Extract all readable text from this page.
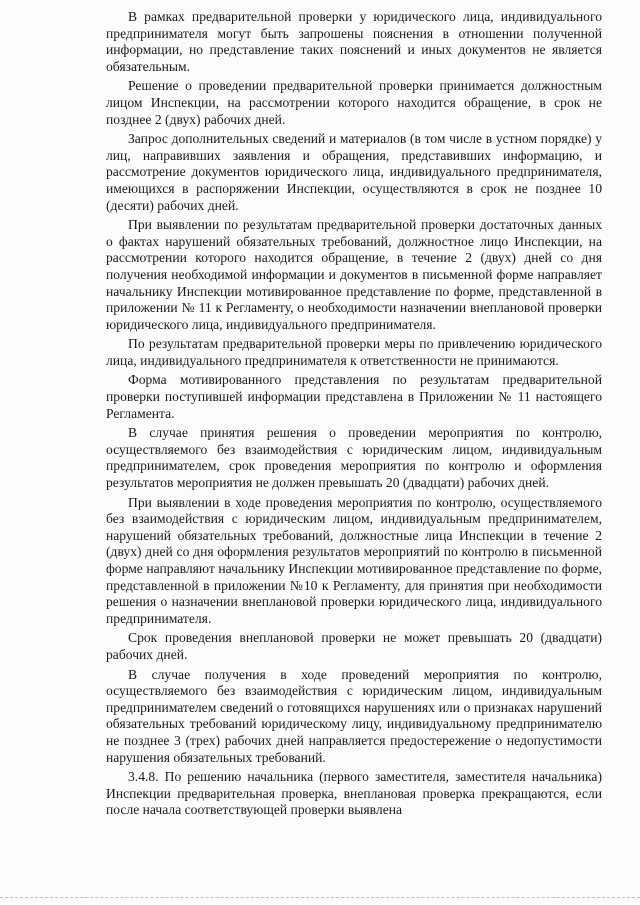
В рамках предварительной проверки у юридического лица, индивидуального предпринимателя могут быть запрошены пояснения в отношении полученной информации, но представление таких пояснений и иных документов не является обязательным.

Решение о проведении предварительной проверки принимается должностным лицом Инспекции, на рассмотрении которого находится обращение, в срок не позднее 2 (двух) рабочих дней.

Запрос дополнительных сведений и материалов (в том числе в устном порядке) у лиц, направивших заявления и обращения, представивших информацию, и рассмотрение документов юридического лица, индивидуального предпринимателя, имеющихся в распоряжении Инспекции, осуществляются в срок не позднее 10 (десяти) рабочих дней.

При выявлении по результатам предварительной проверки достаточных данных о фактах нарушений обязательных требований, должностное лицо Инспекции, на рассмотрении которого находится обращение, в течение 2 (двух) дней со дня получения необходимой информации и документов в письменной форме направляет начальнику Инспекции мотивированное представление по форме, представленной в приложении № 11 к Регламенту, о необходимости назначении внеплановой проверки юридического лица, индивидуального предпринимателя.

По результатам предварительной проверки меры по привлечению юридического лица, индивидуального предпринимателя к ответственности не принимаются.

Форма мотивированного представления по результатам предварительной проверки поступившей информации представлена в Приложении № 11 настоящего Регламента.

В случае принятия решения о проведении мероприятия по контролю, осуществляемого без взаимодействия с юридическим лицом, индивидуальным предпринимателем, срок проведения мероприятия по контролю и оформления результатов мероприятия не должен превышать 20 (двадцати) рабочих дней.

При выявлении в ходе проведения мероприятия по контролю, осуществляемого без взаимодействия с юридическим лицом, индивидуальным предпринимателем, нарушений обязательных требований, должностные лица Инспекции в течение 2 (двух) дней со дня оформления результатов мероприятий по контролю в письменной форме направляют начальнику Инспекции мотивированное представление по форме, представленной в приложении №10 к Регламенту, для принятия при необходимости решения о назначении внеплановой проверки юридического лица, индивидуального предпринимателя.

Срок проведения внеплановой проверки не может превышать 20 (двадцати) рабочих дней.

В случае получения в ходе проведений мероприятия по контролю, осуществляемого без взаимодействия с юридическим лицом, индивидуальным предпринимателем сведений о готовящихся нарушениях или о признаках нарушений обязательных требований юридическому лицу, индивидуальному предпринимателю не позднее 3 (трех) рабочих дней направляется предостережение о недопустимости нарушения обязательных требований.

3.4.8. По решению начальника (первого заместителя, заместителя начальника) Инспекции предварительная проверка, внеплановая проверка прекращаются, если после начала соответствующей проверки выявлена
